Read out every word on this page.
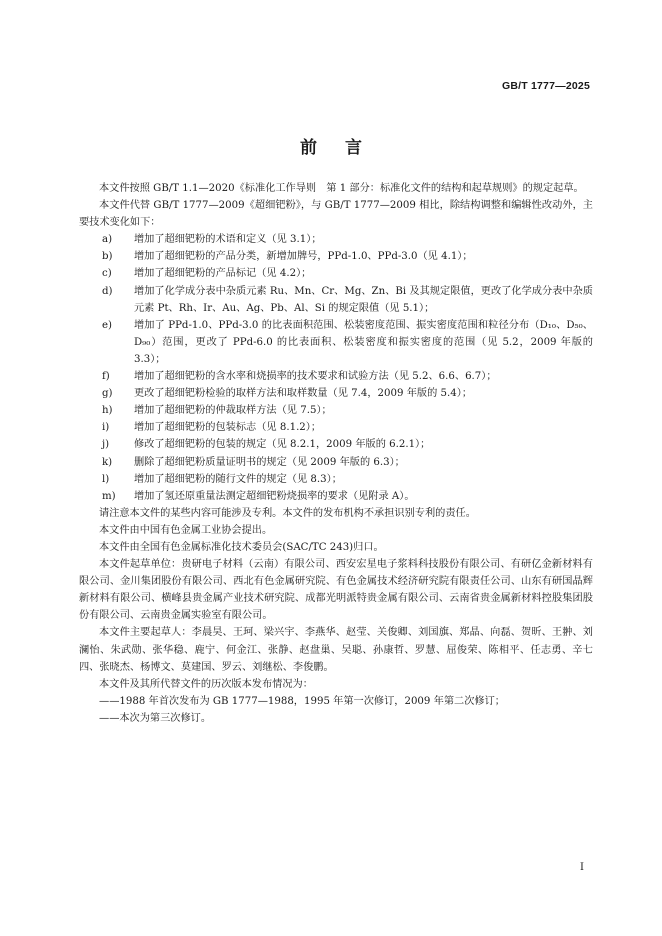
GB/T 1777—2025
前言

本文件按照 GB/T 1.1—2020《标准化工作导则　第 1 部分：标准化文件的结构和起草规则》的规定起草。

本文件代替 GB/T 1777—2009《超细钯粉》，与 GB/T 1777—2009 相比，除结构调整和编辑性改动外，主要技术变化如下：

a)	增加了超细钯粉的术语和定义（见 3.1）；
b)	增加了超细钯粉的产品分类，新增加牌号，PPd-1.0、PPd-3.0（见 4.1）；
c)	增加了超细钯粉的产品标记（见 4.2）；
d)	增加了化学成分表中杂质元素 Ru、Mn、Cr、Mg、Zn、Bi 及其规定限值，更改了化学成分表中杂质元素 Pt、Rh、Ir、Au、Ag、Pb、Al、Si 的规定限值（见 5.1）；
e)	增加了 PPd-1.0、PPd-3.0 的比表面积范围、松装密度范围、振实密度范围和粒径分布（D₁₀、D₅₀、D₉₀）范围，更改了 PPd-6.0 的比表面积、松装密度和振实密度的范围（见 5.2，2009 年版的 3.3）；
f)	增加了超细钯粉的含水率和烧损率的技术要求和试验方法（见 5.2、6.6、6.7）；
g)	更改了超细钯粉检验的取样方法和取样数量（见 7.4，2009 年版的 5.4）；
h)	增加了超细钯粉的仲裁取样方法（见 7.5）；
i)	增加了超细钯粉的包装标志（见 8.1.2）；
j)	修改了超细钯粉的包装的规定（见 8.2.1，2009 年版的 6.2.1）；
k)	删除了超细钯粉质量证明书的规定（见 2009 年版的 6.3）；
l)	增加了超细钯粉的随行文件的规定（见 8.3）；
m)	增加了氢还原重量法测定超细钯粉烧损率的要求（见附录 A）。

请注意本文件的某些内容可能涉及专利。本文件的发布机构不承担识别专利的责任。

本文件由中国有色金属工业协会提出。

本文件由全国有色金属标准化技术委员会(SAC/TC 243)归口。

本文件起草单位：贵研电子材料（云南）有限公司、西安宏星电子浆料科技股份有限公司、有研亿金新材料有限公司、金川集团股份有限公司、西北有色金属研究院、有色金属技术经济研究院有限责任公司、山东有研国晶辉新材料有限公司、横峰县贵金属产业技术研究院、成都光明派特贵金属有限公司、云南省贵金属新材料控股集团股份有限公司、云南贵金属实验室有限公司。

本文件主要起草人：李晨昊、王珂、梁兴宇、李燕华、赵莹、关俊卿、刘国旗、郑晶、向磊、贺昕、王翀、刘澜怡、朱武勋、张华稳、鹿宁、何金江、张静、赵盘巢、吴聪、孙康哲、罗慧、屈俊荣、陈相平、任志勇、辛七四、张晓杰、杨博文、莫建国、罗云、刘继松、李俊鹏。

本文件及其所代替文件的历次版本发布情况为：

——1988 年首次发布为 GB 1777—1988，1995 年第一次修订，2009 年第二次修订；
——本次为第三次修订。
I
